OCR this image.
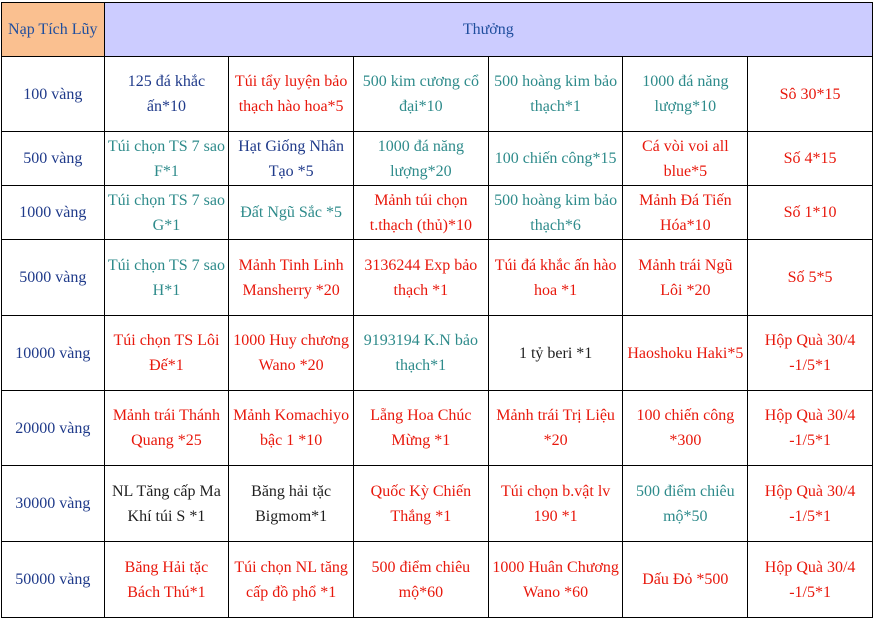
Nạp Tích Lũy	Thưởng					
100 vàng	125 đá khắc ấn*10	Túi tẩy luyện bảo thạch hào hoa*5	500 kim cương cổ đại*10	500 hoàng kim bảo thạch*1	1000 đá năng lượng*10	Sô 30*15
500 vàng	Túi chọn TS 7 sao F*1	Hạt Giống Nhân Tạo *5	1000 đá năng lượng*20	100 chiến công*15	Cá vòi voi all blue*5	Số 4*15
1000 vàng	Túi chọn TS 7 sao G*1	Đất Ngũ Sắc *5	Mảnh túi chọn t.thạch (thủ)*10	500 hoàng kim bảo thạch*6	Mảnh Đá Tiến Hóa*10	Số 1*10
5000 vàng	Túi chọn TS 7 sao H*1	Mảnh Tinh Linh Mansherry *20	3136244 Exp bảo thạch *1	Túi đá khắc ấn hào hoa *1	Mảnh trái Ngũ Lôi *20	Số 5*5
10000 vàng	Túi chọn TS Lôi Đế*1	1000 Huy chương Wano *20	9193194 K.N bảo thạch*1	1 tỷ beri *1	Haoshoku Haki*5	Hộp Quà 30/4 -1/5*1
20000 vàng	Mảnh trái Thánh Quang *25	Mảnh Komachiyo bậc 1 *10	Lẵng Hoa Chúc Mừng *1	Mảnh trái Trị Liệu *20	100 chiến công *300	Hộp Quà 30/4 -1/5*1
30000 vàng	NL Tăng cấp Ma Khí túi S *1	Băng hải tặc Bigmom*1	Quốc Kỳ Chiến Thắng *1	Túi chọn b.vật lv 190 *1	500 điểm chiêu mộ*50	Hộp Quà 30/4 -1/5*1
50000 vàng	Băng Hải tặc Bách Thú*1	Túi chọn NL tăng cấp đồ phổ *1	500 điểm chiêu mộ*60	1000 Huân Chương Wano *60	Dấu Đỏ *500	Hộp Quà 30/4 -1/5*1
